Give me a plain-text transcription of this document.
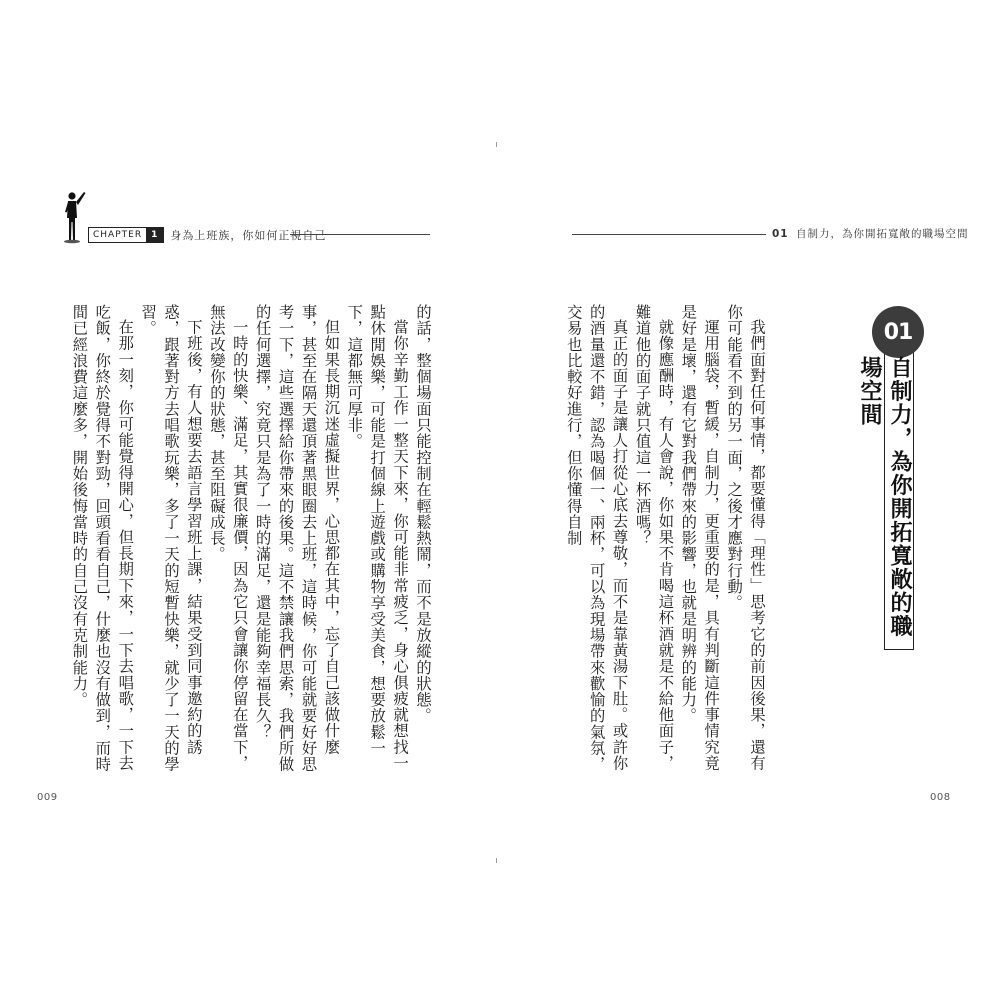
CHAPTER	1	身為上班族，你如何正視自己

的話，整個場面只能控制在輕鬆熱鬧，而不是放縱的狀態。

當你辛勤工作一整天下來，你可能非常疲乏，身心俱疲就想找一點休閒娛樂，可能是打個線上遊戲或購物享受美食，想要放鬆一下，這都無可厚非。

但如果長期沉迷虛擬世界，心思都在其中，忘了自己該做什麼事，甚至在隔天還頂著黑眼圈去上班，這時候，你可能就要好好思考一下，這些選擇給你帶來的後果。這不禁讓我們思索，我們所做的任何選擇，究竟只是為了一時的滿足，還是能夠幸福長久？

一時的快樂、滿足，其實很廉價，因為它只會讓你停留在當下，無法改變你的狀態，甚至阻礙成長。

下班後，有人想要去語言學習班上課，結果受到同事邀約的誘惑，跟著對方去唱歌玩樂，多了一天的短暫快樂，就少了一天的學習。

在那一刻，你可能覺得開心，但長期下來，一下去唱歌，一下去吃飯，你終於覺得不對勁，回頭看看自己，什麼也沒有做到，而時間已經浪費這麼多，開始後悔當時的自己沒有克制能力。

009
01 自制力，為你開拓寬敞的職場空間
01
自制力，為你開拓寬敞的職場空間

我們面對任何事情，都要懂得「理性」思考它的前因後果，還有你可能看不到的另一面，之後才應對行動。

運用腦袋，暫緩，自制力，更重要的是，具有判斷這件事情究竟是好是壞，還有它對我們帶來的影響，也就是明辨的能力。

就像應酬時，有人會說，你如果不肯喝這杯酒就是不給他面子，難道他的面子就只值這一杯酒嗎？

真正的面子是讓人打從心底去尊敬，而不是靠黃湯下肚。或許你的酒量還不錯，認為喝個一、兩杯，可以為現場帶來歡愉的氣氛，交易也比較好進行，但你懂得自制

008
